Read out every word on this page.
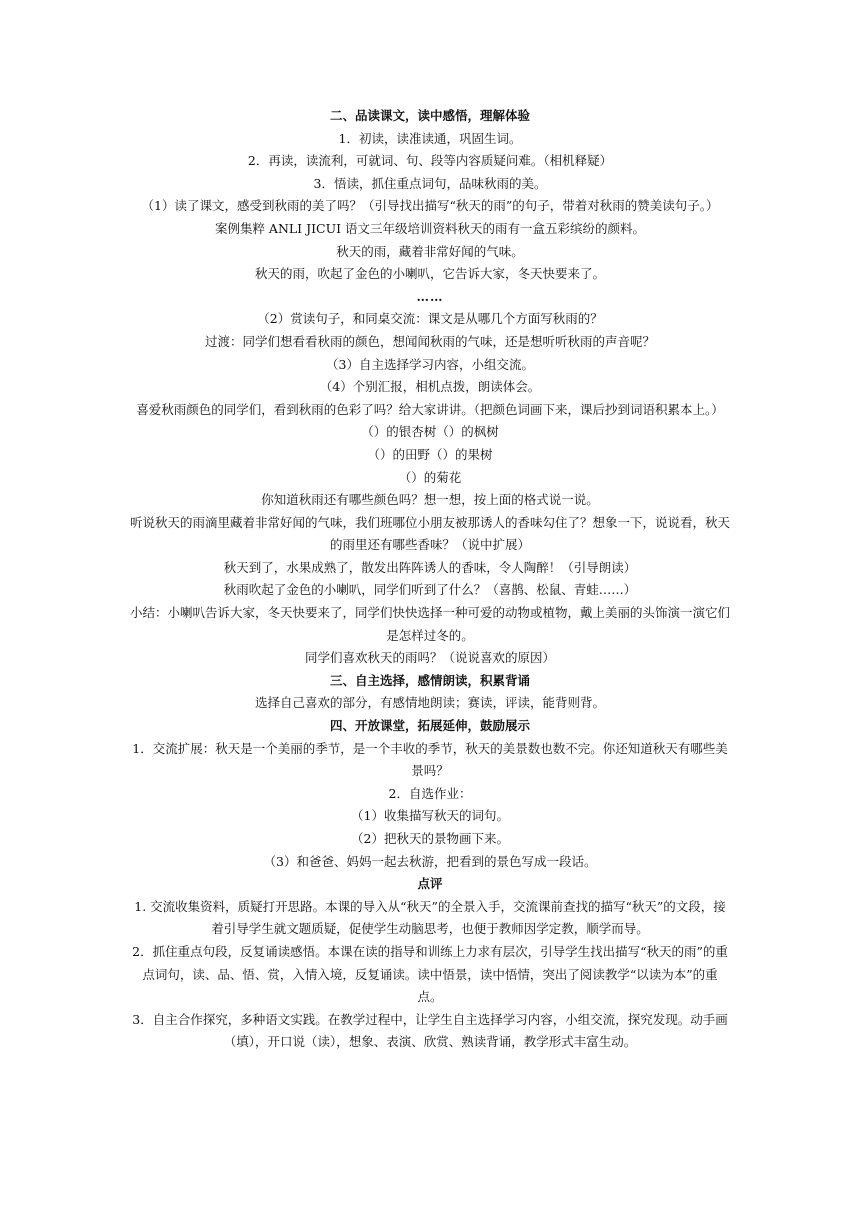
二、品读课文，读中感悟，理解体验

1．初读，读准读通，巩固生词。

2．再读，读流利，可就词、句、段等内容质疑问难。（相机释疑）

3．悟读，抓住重点词句，品味秋雨的美。

（1）读了课文，感受到秋雨的美了吗？（引导找出描写“秋天的雨”的句子，带着对秋雨的赞美读句子。）

案例集粹 ANLI JICUI 语文三年级培训资料秋天的雨有一盒五彩缤纷的颜料。

秋天的雨，藏着非常好闻的气味。

秋天的雨，吹起了金色的小喇叭，它告诉大家，冬天快要来了。

……

（2）赏读句子，和同桌交流：课文是从哪几个方面写秋雨的？

过渡：同学们想看看秋雨的颜色，想闻闻秋雨的气味，还是想听听秋雨的声音呢？

（3）自主选择学习内容，小组交流。

（4）个别汇报，相机点拨，朗读体会。

喜爱秋雨颜色的同学们，看到秋雨的色彩了吗？给大家讲讲。（把颜色词画下来，课后抄到词语积累本上。）

（）的银杏树（）的枫树

（）的田野（）的果树

（）的菊花

你知道秋雨还有哪些颜色吗？想一想，按上面的格式说一说。

听说秋天的雨滴里藏着非常好闻的气味，我们班哪位小朋友被那诱人的香味勾住了？想象一下，说说看，秋天的雨里还有哪些香味？（说中扩展）

秋天到了，水果成熟了，散发出阵阵诱人的香味，令人陶醉！（引导朗读）

秋雨吹起了金色的小喇叭，同学们听到了什么？（喜鹊、松鼠、青蛙……）

小结：小喇叭告诉大家，冬天快要来了，同学们快快选择一种可爱的动物或植物，戴上美丽的头饰演一演它们是怎样过冬的。

同学们喜欢秋天的雨吗？（说说喜欢的原因）

三、自主选择，感情朗读，积累背诵

选择自己喜欢的部分，有感情地朗读；赛读，评读，能背则背。

四、开放课堂，拓展延伸，鼓励展示

1．交流扩展：秋天是一个美丽的季节，是一个丰收的季节，秋天的美景数也数不完。你还知道秋天有哪些美景吗？

2．自选作业：

（1）收集描写秋天的词句。

（2）把秋天的景物画下来。

（3）和爸爸、妈妈一起去秋游，把看到的景色写成一段话。

点评

1. 交流收集资料，质疑打开思路。本课的导入从“秋天”的全景入手，交流课前查找的描写“秋天”的文段，接着引导学生就文题质疑，促使学生动脑思考，也便于教师因学定教，顺学而导。

2．抓住重点句段，反复诵读感悟。本课在读的指导和训练上力求有层次，引导学生找出描写“秋天的雨”的重点词句，读、品、悟、赏，入情入境，反复诵读。读中悟景，读中悟情，突出了阅读教学“以读为本”的重点。

3．自主合作探究，多种语文实践。在教学过程中，让学生自主选择学习内容，小组交流，探究发现。动手画（填），开口说（读），想象、表演、欣赏、熟读背诵，教学形式丰富生动。
